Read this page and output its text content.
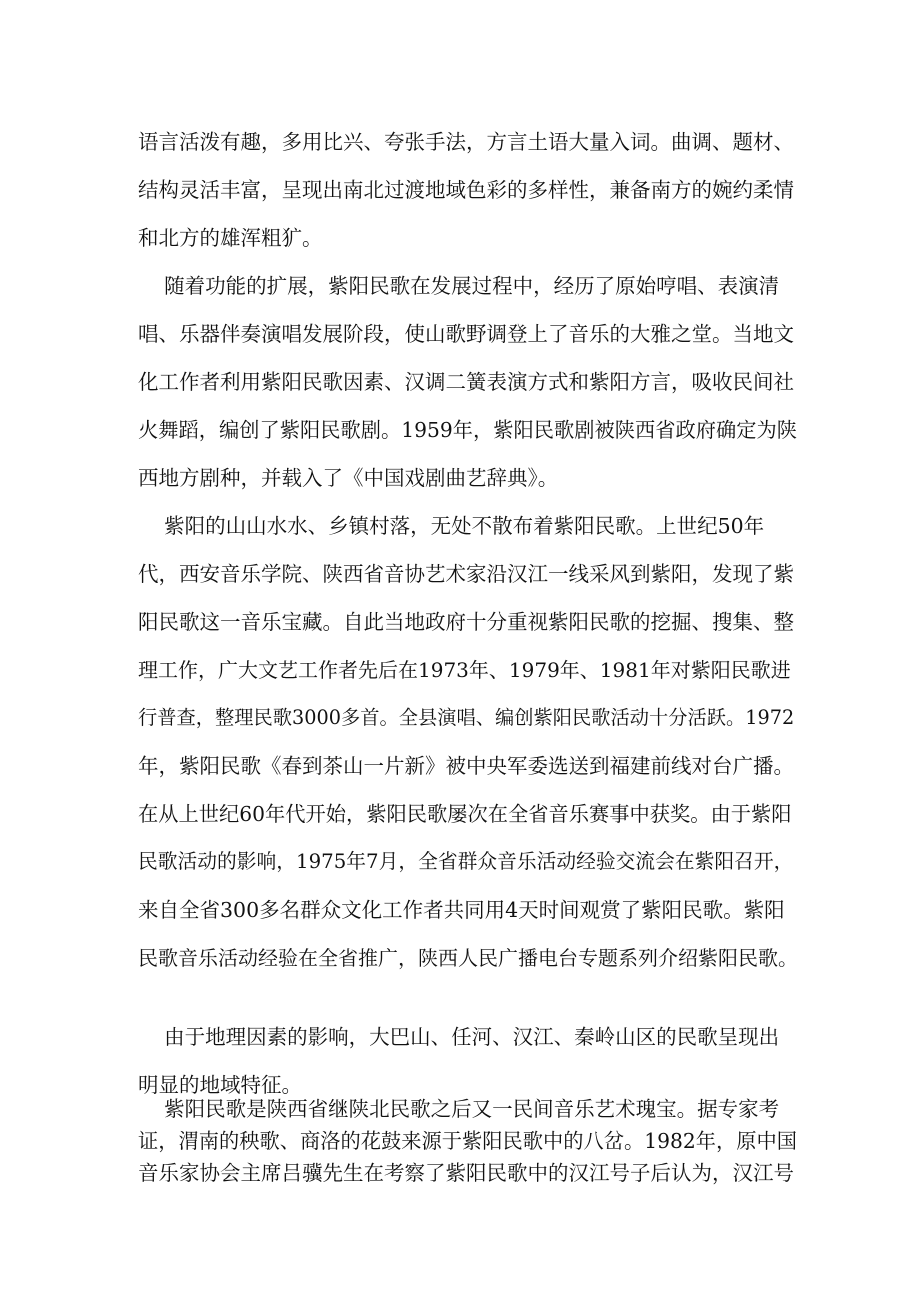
语言活泼有趣，多用比兴、夸张手法，方言土语大量入词。曲调、题材、
结构灵活丰富，呈现出南北过渡地域色彩的多样性，兼备南方的婉约柔情
和北方的雄浑粗犷。

随着功能的扩展，紫阳民歌在发展过程中，经历了原始哼唱、表演清
唱、乐器伴奏演唱发展阶段，使山歌野调登上了音乐的大雅之堂。当地文
化工作者利用紫阳民歌因素、汉调二簧表演方式和紫阳方言，吸收民间社
火舞蹈，编创了紫阳民歌剧。1959年，紫阳民歌剧被陕西省政府确定为陕
西地方剧种，并载入了《中国戏剧曲艺辞典》。

紫阳的山山水水、乡镇村落，无处不散布着紫阳民歌。上世纪50年
代，西安音乐学院、陕西省音协艺术家沿汉江一线采风到紫阳，发现了紫
阳民歌这一音乐宝藏。自此当地政府十分重视紫阳民歌的挖掘、搜集、整
理工作，广大文艺工作者先后在1973年、1979年、1981年对紫阳民歌进
行普查，整理民歌3000多首。全县演唱、编创紫阳民歌活动十分活跃。1972
年，紫阳民歌《春到茶山一片新》被中央军委选送到福建前线对台广播。
在从上世纪60年代开始，紫阳民歌屡次在全省音乐赛事中获奖。由于紫阳
民歌活动的影响，1975年7月，全省群众音乐活动经验交流会在紫阳召开，
来自全省300多名群众文化工作者共同用4天时间观赏了紫阳民歌。紫阳
民歌音乐活动经验在全省推广，陕西人民广播电台专题系列介绍紫阳民歌。

由于地理因素的影响，大巴山、任河、汉江、秦岭山区的民歌呈现出
明显的地域特征。

紫阳民歌是陕西省继陕北民歌之后又一民间音乐艺术瑰宝。据专家考
证，渭南的秧歌、商洛的花鼓来源于紫阳民歌中的八岔。1982年，原中国
音乐家协会主席吕骥先生在考察了紫阳民歌中的汉江号子后认为，汉江号
